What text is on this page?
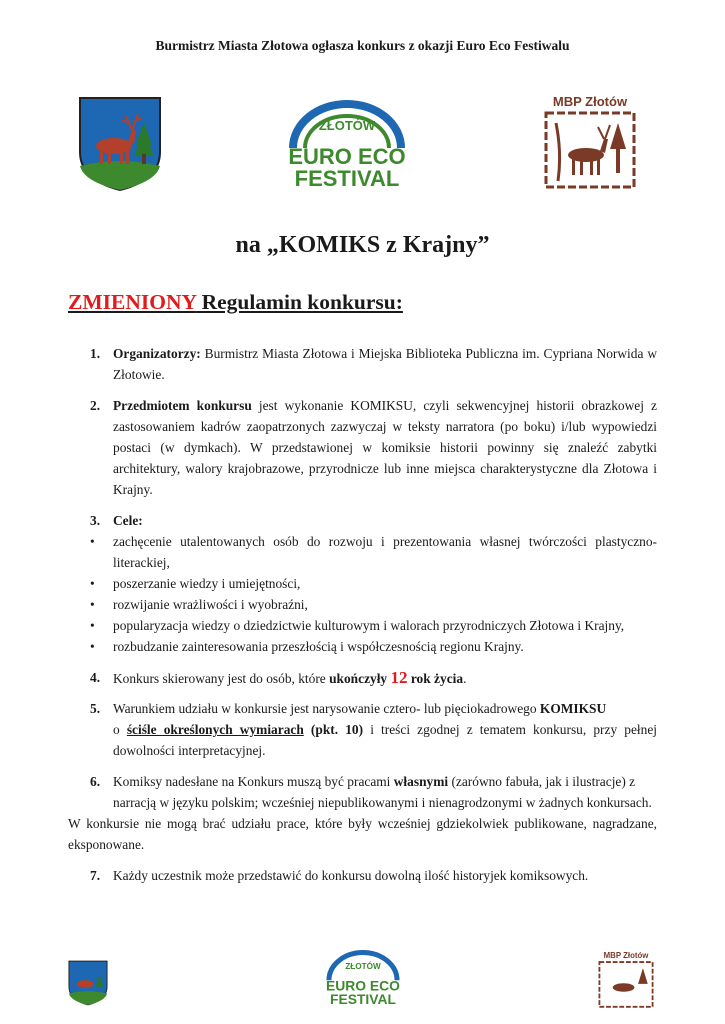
Burmistrz Miasta Złotowa ogłasza konkurs z okazji Euro Eco Festiwalu
ZŁOTÓW
EURO ECO
FESTIVAL
MBP Złotów
na „KOMIKS z Krajny”
ZMIENIONY Regulamin konkursu:
1. Organizatorzy: Burmistrz Miasta Złotowa i Miejska Biblioteka Publiczna im. Cypriana Norwida w Złotowie.
2. Przedmiotem konkursu jest wykonanie KOMIKSU, czyli sekwencyjnej historii obrazkowej z zastosowaniem kadrów zaopatrzonych zazwyczaj w teksty narratora (po boku) i/lub wypowiedzi postaci (w dymkach). W przedstawionej w komiksie historii powinny się znaleźć zabytki architektury, walory krajobrazowe, przyrodnicze lub inne miejsca charakterystyczne dla Złotowa i Krajny.
3. Cele:
• zachęcenie utalentowanych osób do rozwoju i prezentowania własnej twórczości plastyczno-literackiej,
• poszerzanie wiedzy i umiejętności,
• rozwijanie wrażliwości i wyobraźni,
• popularyzacja wiedzy o dziedzictwie kulturowym i walorach przyrodniczych Złotowa i Krajny,
• rozbudzanie zainteresowania przeszłością i współczesnością regionu Krajny.
4. Konkurs skierowany jest do osób, które ukończyły 12 rok życia.
5. Warunkiem udziału w konkursie jest narysowanie cztero- lub pięciokadrowego KOMIKSU
o ściśle określonych wymiarach (pkt. 10) i treści zgodnej z tematem konkursu, przy pełnej dowolności interpretacyjnej.
6. Komiksy nadesłane na Konkurs muszą być pracami własnymi (zarówno fabuła, jak i ilustracje) z narracją w języku polskim; wcześniej niepublikowanymi i nienagrodzonymi w żadnych konkursach.
W konkursie nie mogą brać udziału prace, które były wcześniej gdziekolwiek publikowane, nagradzane, eksponowane.
7. Każdy uczestnik może przedstawić do konkursu dowolną ilość historyjek komiksowych.
ZŁOTÓW
EURO ECO
FESTIVAL
MBP Złotów
